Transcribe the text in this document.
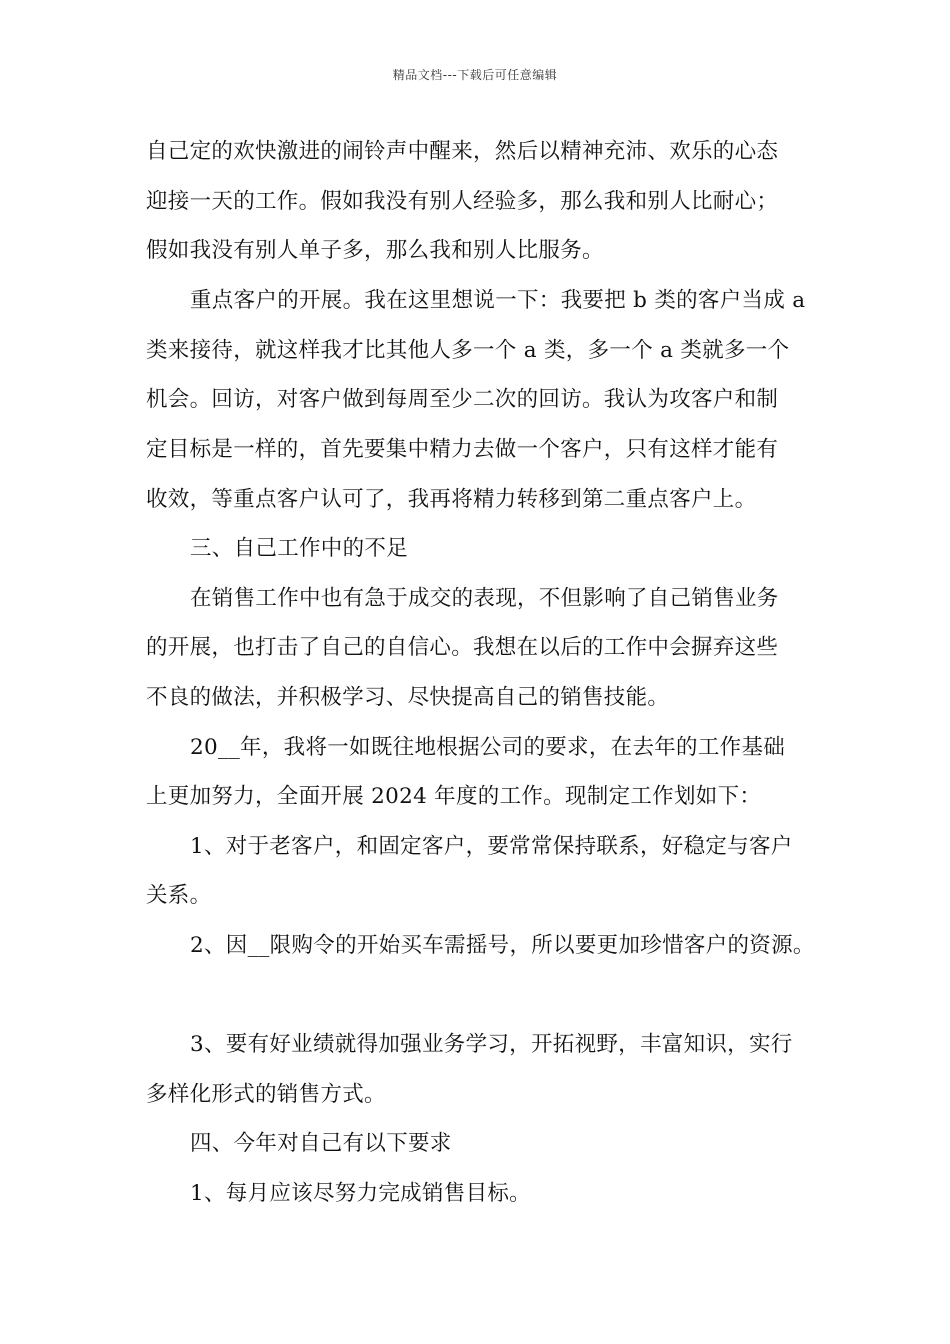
精品文档---下载后可任意编辑
自己定的欢快激进的闹铃声中醒来，然后以精神充沛、欢乐的心态
迎接一天的工作。假如我没有别人经验多，那么我和别人比耐心；
假如我没有别人单子多，那么我和别人比服务。
重点客户的开展。我在这里想说一下：我要把 b 类的客户当成 a
类来接待，就这样我才比其他人多一个 a 类，多一个 a 类就多一个
机会。回访，对客户做到每周至少二次的回访。我认为攻客户和制
定目标是一样的，首先要集中精力去做一个客户，只有这样才能有
收效，等重点客户认可了，我再将精力转移到第二重点客户上。
三、自己工作中的不足
在销售工作中也有急于成交的表现，不但影响了自己销售业务
的开展，也打击了自己的自信心。我想在以后的工作中会摒弃这些
不良的做法，并积极学习、尽快提高自己的销售技能。
20__年，我将一如既往地根据公司的要求，在去年的工作基础
上更加努力，全面开展 2024 年度的工作。现制定工作划如下：
1、对于老客户，和固定客户，要常常保持联系，好稳定与客户
关系。
2、因__限购令的开始买车需摇号，所以要更加珍惜客户的资源。
3、要有好业绩就得加强业务学习，开拓视野，丰富知识，实行
多样化形式的销售方式。
四、今年对自己有以下要求
1、每月应该尽努力完成销售目标。
